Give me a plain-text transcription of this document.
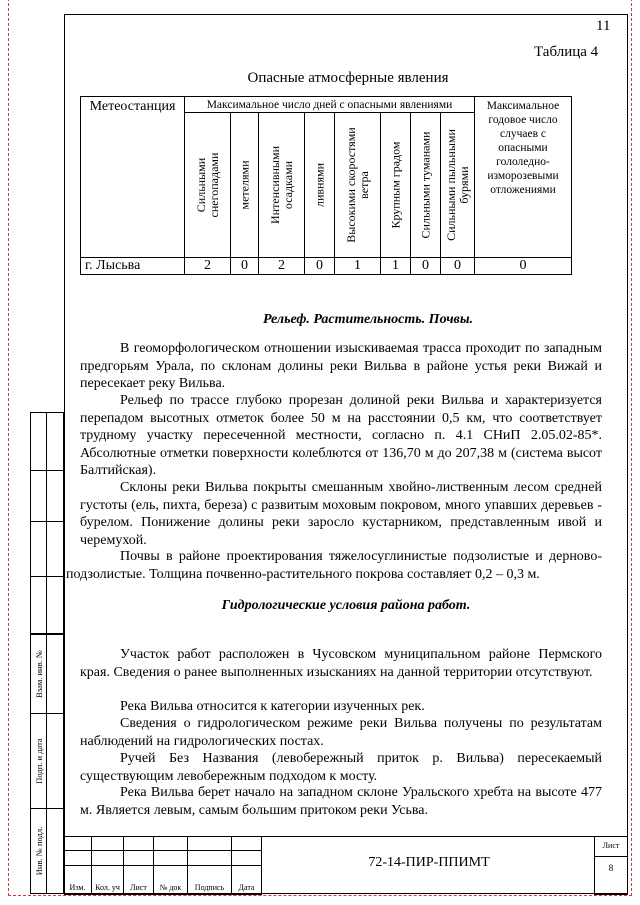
11
Таблица 4
Опасные атмосферные явления
Метеостанция	Максимальное число дней с опасными явлениями								Максимальное годовое число случаев с опасными гололедно-изморозевыми отложениями

	Сильными снегопадами	метелями	Интенсивными осадками	ливнями	Высокими скоростями ветра	Крупным градом	Сильными туманами	Сильными пыльными бурями	

г. Лысьва	2	0	2	0	1	1	0	0	0
Рельеф. Растительность. Почвы.
В геоморфологическом отношении изыскиваемая трасса проходит по западным предгорьям Урала, по склонам долины реки Вильва в районе устья реки Вижай и пересекает реку Вильва.
Рельеф по трассе глубоко прорезан долиной реки Вильва и характеризуется перепадом высотных отметок более 50 м на расстоянии 0,5 км, что соответствует трудному участку пересеченной местности, согласно п. 4.1 СНиП 2.05.02-85*. Абсолютные отметки поверхности колеблются от 136,70 м до 207,38 м (система высот Балтийская).
Склоны реки Вильва покрыты смешанным хвойно-лиственным лесом средней густоты (ель, пихта, береза) с развитым моховым покровом, много упавших деревьев - бурелом. Понижение долины реки заросло кустарником, представленным ивой и черемухой.
Почвы в районе проектирования тяжелосуглинистые подзолистые и дерново-подзолистые. Толщина почвенно-растительного покрова составляет 0,2 – 0,3 м.
Гидрологические условия района работ.
Участок работ расположен в Чусовском муниципальном районе Пермского края. Сведения о ранее выполненных изысканиях на данной территории отсутствуют.
Река Вильва относится к категории изученных рек.
Сведения о гидрологическом режиме реки Вильва получены по результатам наблюдений на гидрологических постах.
Ручей Без Названия (левобережный приток р. Вильва) пересекаемый существующим левобережным подходом к мосту.
Река Вильва берет начало на западном склоне Уральского хребта на высоте 477 м. Является левым, самым большим притоком реки Усьва.
Взам. инв. №
Подп. и дата
Инв. № подл.
Изм.	Кол. уч	Лист	№ док	Подпись	Дата
72-14-ПИР-ППИМТ
Лист
8
